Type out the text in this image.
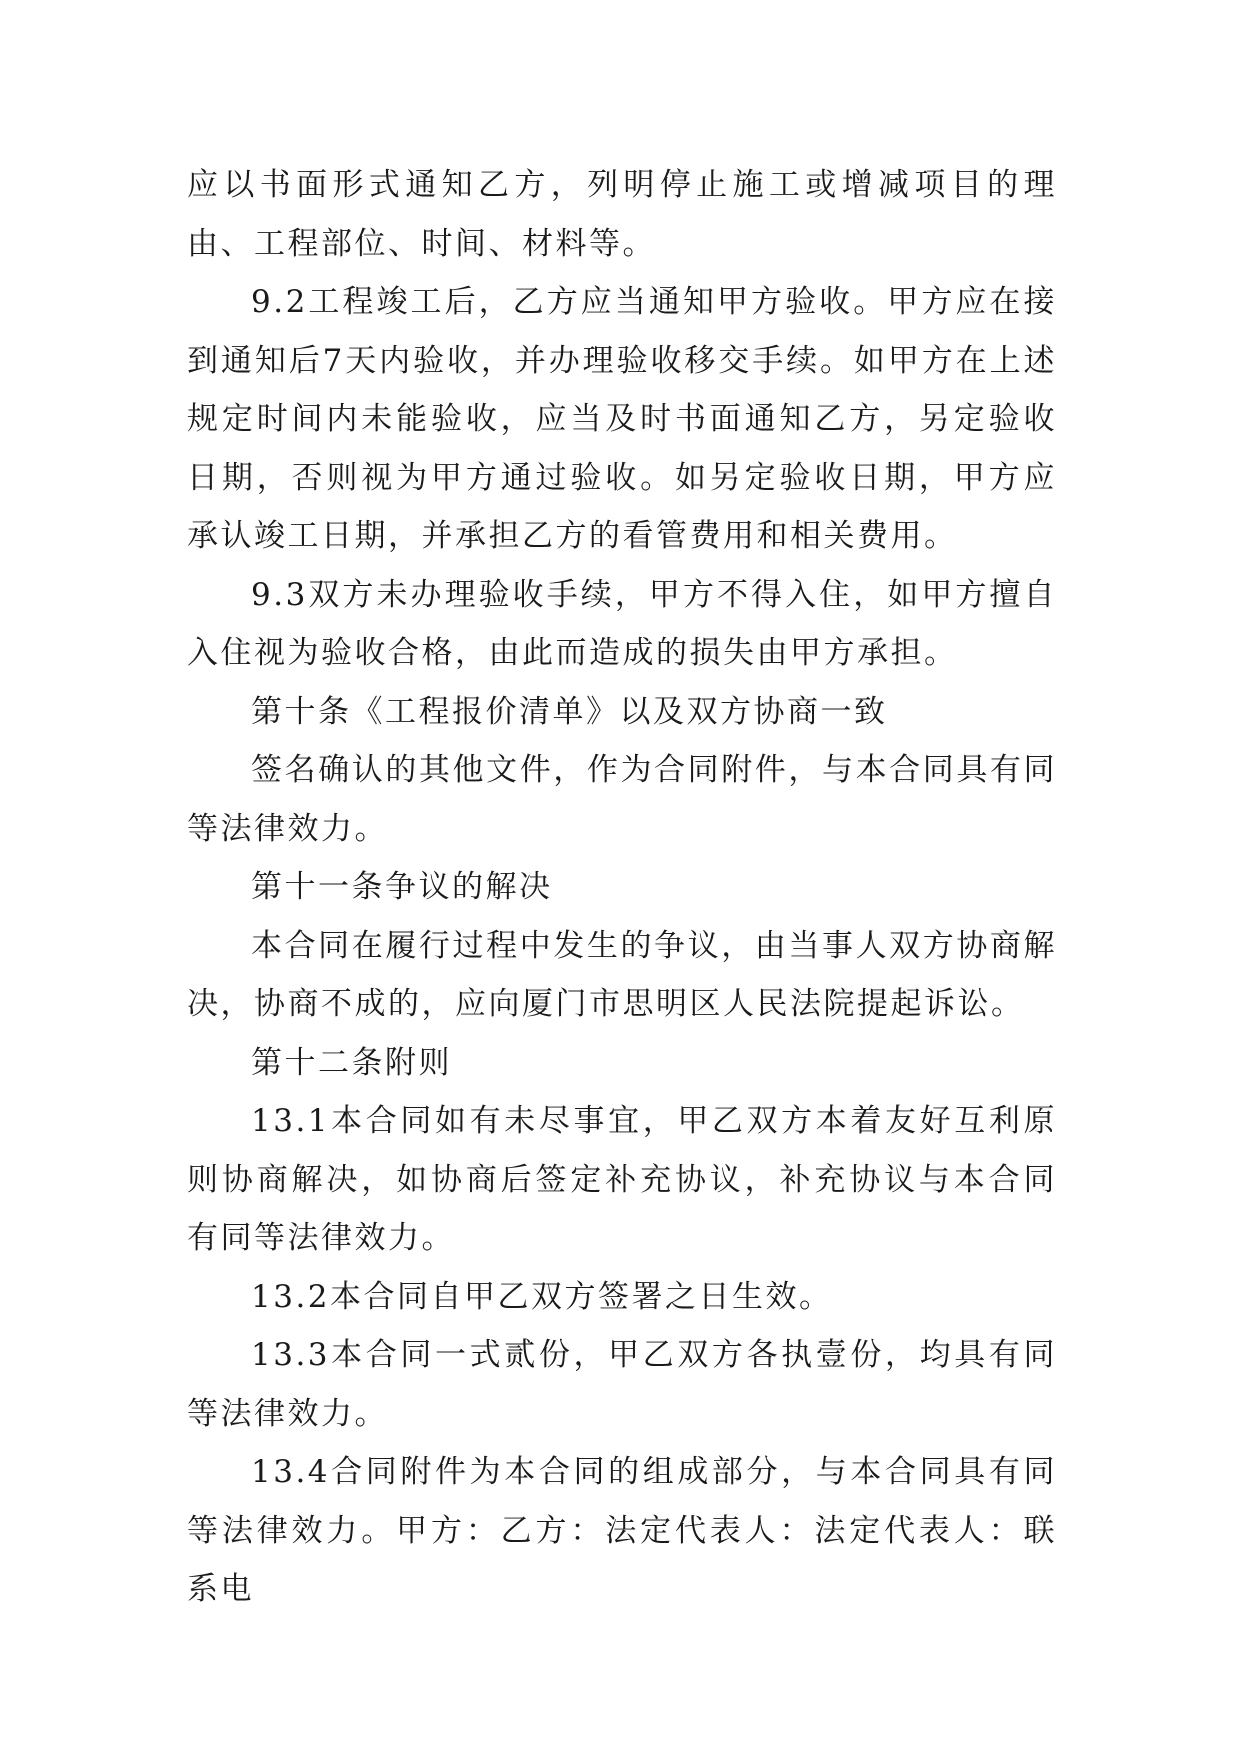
应以书面形式通知乙方，列明停止施工或增减项目的理由、工程部位、时间、材料等。

9.2工程竣工后，乙方应当通知甲方验收。甲方应在接到通知后7天内验收，并办理验收移交手续。如甲方在上述规定时间内未能验收，应当及时书面通知乙方，另定验收日期，否则视为甲方通过验收。如另定验收日期，甲方应承认竣工日期，并承担乙方的看管费用和相关费用。

9.3双方未办理验收手续，甲方不得入住，如甲方擅自入住视为验收合格，由此而造成的损失由甲方承担。

第十条《工程报价清单》以及双方协商一致

签名确认的其他文件，作为合同附件，与本合同具有同等法律效力。

第十一条争议的解决

本合同在履行过程中发生的争议，由当事人双方协商解决，协商不成的，应向厦门市思明区人民法院提起诉讼。

第十二条附则

13.1本合同如有未尽事宜，甲乙双方本着友好互利原则协商解决，如协商后签定补充协议，补充协议与本合同有同等法律效力。

13.2本合同自甲乙双方签署之日生效。

13.3本合同一式贰份，甲乙双方各执壹份，均具有同等法律效力。

13.4合同附件为本合同的组成部分，与本合同具有同等法律效力。甲方：乙方：法定代表人：法定代表人：联系电
